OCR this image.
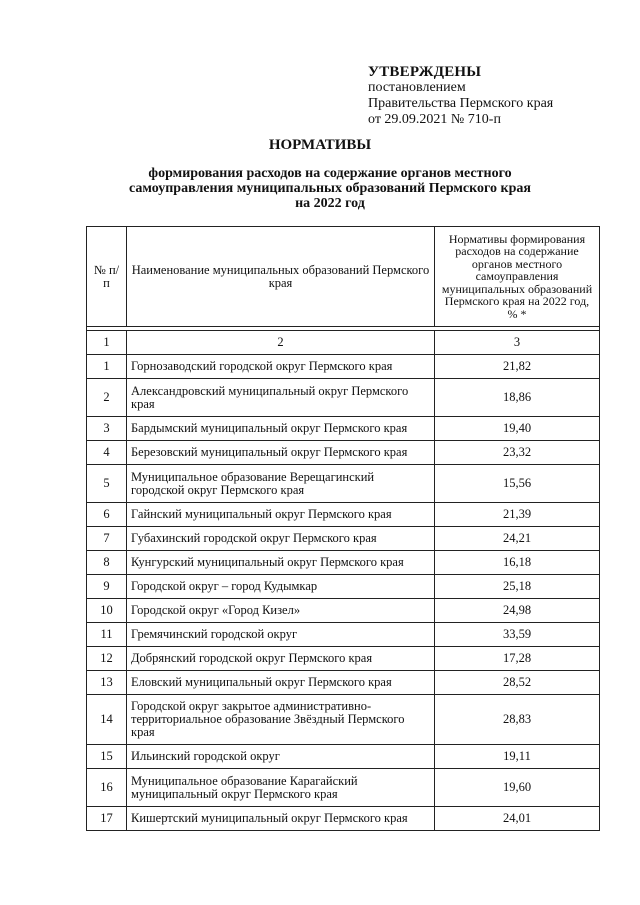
УТВЕРЖДЕНЫ
постановлением
Правительства Пермского края
от 29.09.2021 № 710-п
НОРМАТИВЫ
формирования расходов на содержание органов местного
самоуправления муниципальных образований Пермского края
на 2022 год
№ п/п	Наименование муниципальных образований Пермского края	Нормативы формирования расходов на содержание органов местного самоуправления муниципальных образований Пермского края на 2022 год, % *

1	2	3
1	Горнозаводский городской округ Пермского края	21,82
2	Александровский муниципальный округ Пермского края	18,86
3	Бардымский муниципальный округ Пермского края	19,40
4	Березовский муниципальный округ Пермского края	23,32
5	Муниципальное образование Верещагинский городской округ Пермского края	15,56
6	Гайнский муниципальный округ Пермского края	21,39
7	Губахинский городской округ Пермского края	24,21
8	Кунгурский муниципальный округ Пермского края	16,18
9	Городской округ – город Кудымкар	25,18
10	Городской округ «Город Кизел»	24,98
11	Гремячинский городской округ	33,59
12	Добрянский городской округ Пермского края	17,28
13	Еловский муниципальный округ Пермского края	28,52
14	Городской округ закрытое административно-территориальное образование Звёздный Пермского края	28,83
15	Ильинский городской округ	19,11
16	Муниципальное образование Карагайский муниципальный округ Пермского края	19,60
17	Кишертский муниципальный округ Пермского края	24,01
